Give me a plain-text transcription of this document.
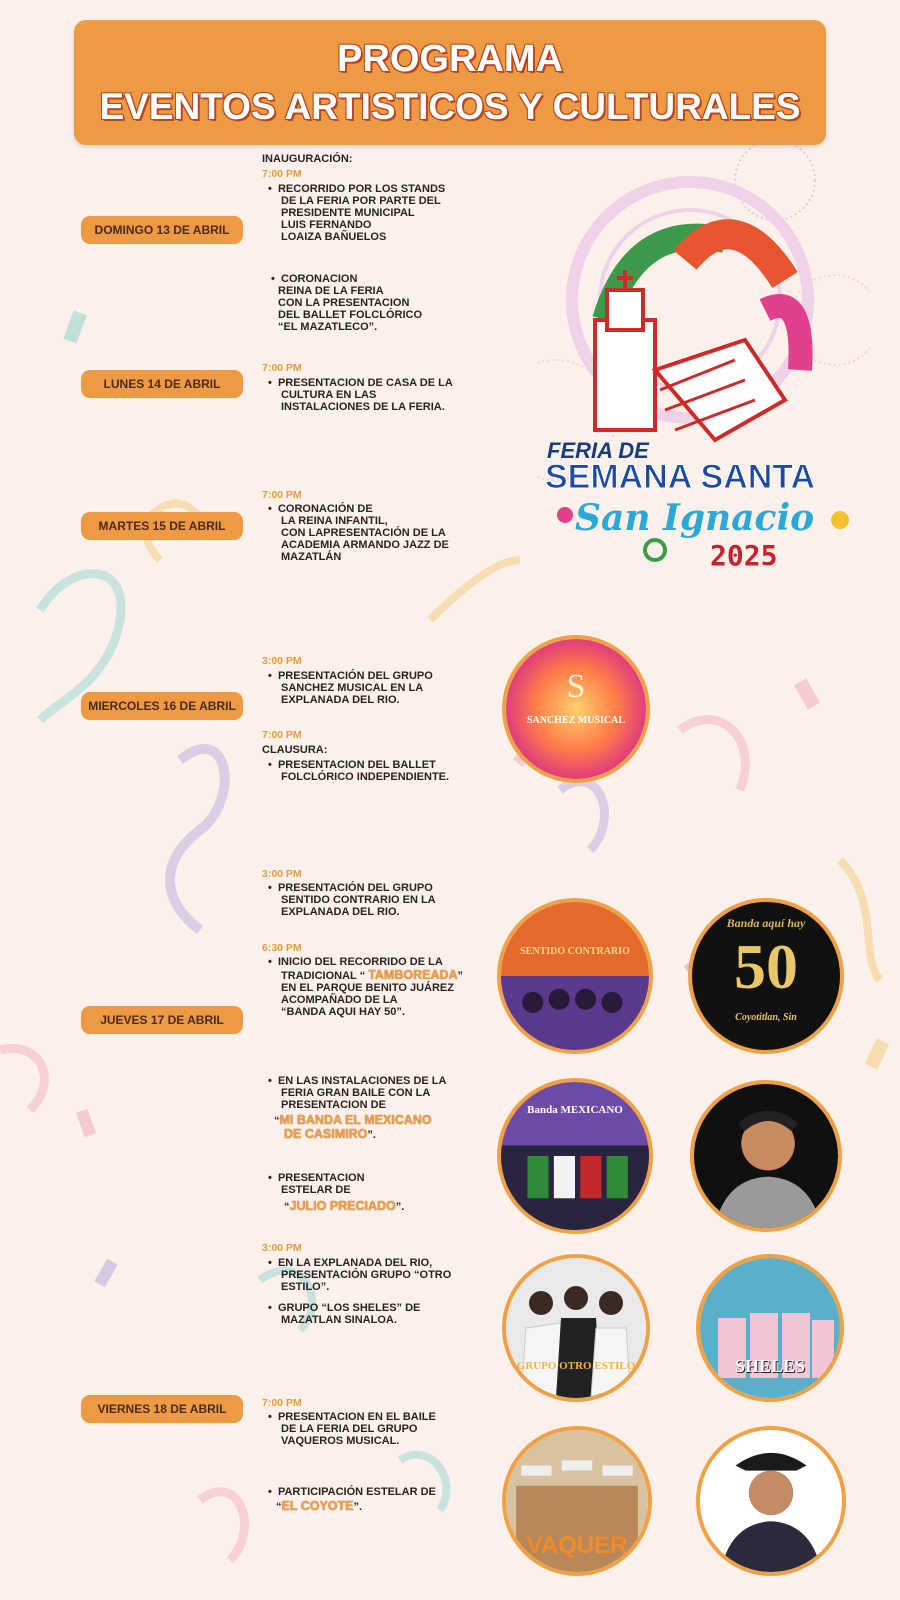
PROGRAMA
EVENTOS ARTISTICOS Y CULTURALES
FERIA DE
SEMANA SANTA
San Ignacio
2025
DOMINGO 13 DE ABRIL
LUNES 14 DE ABRIL
MARTES 15 DE ABRIL
MIERCOLES 16 DE ABRIL
JUEVES 17 DE ABRIL
VIERNES 18 DE ABRIL
INAUGURACIÓN:
7:00 PM
•  RECORRIDO POR LOS STANDS
DE LA FERIA POR PARTE DEL
PRESIDENTE MUNICIPAL
LUIS FERNANDO
LOAIZA BAÑUELOS
•  CORONACION
REINA DE LA FERIA
CON LA PRESENTACION
DEL BALLET FOLCLÓRICO
“EL MAZATLECO”.
7:00 PM
•  PRESENTACION DE CASA DE LA
CULTURA EN LAS
INSTALACIONES DE LA FERIA.
7:00 PM
•  CORONACIÓN DE
LA REINA INFANTIL,
CON LAPRESENTACIÓN DE LA
ACADEMIA ARMANDO JAZZ DE
MAZATLÁN
3:00 PM
•  PRESENTACIÓN DEL GRUPO
SANCHEZ MUSICAL EN LA
EXPLANADA DEL RIO.
7:00 PM
CLAUSURA:
•  PRESENTACION DEL BALLET
FOLCLÓRICO INDEPENDIENTE.
S
SANCHEZ MUSICAL
3:00 PM
•  PRESENTACIÓN DEL GRUPO
SENTIDO CONTRARIO EN LA
EXPLANADA DEL RIO.
6:30 PM
•  INICIO DEL RECORRIDO DE LA
TRADICIONAL “ TAMBOREADA”
EN EL PARQUE BENITO JUÁREZ
ACOMPAÑADO DE LA
“BANDA AQUI HAY 50”.
•  EN LAS INSTALACIONES DE LA
FERIA GRAN BAILE CON LA
PRESENTACION DE
“MI BANDA EL MEXICANO
DE CASIMIRO”.
•  PRESENTACION
ESTELAR DE
“JULIO PRECIADO”.
SENTIDO CONTRARIO
Banda aquí hay
50
Coyotitlan, Sin
Banda MEXICANO
3:00 PM
•  EN LA EXPLANADA DEL RIO,
PRESENTACIÓN GRUPO “OTRO
ESTILO”.
•  GRUPO “LOS SHELES” DE
MAZATLAN SINALOA.
7:00 PM
•  PRESENTACION EN EL BAILE
DE LA FERIA DEL GRUPO
VAQUEROS MUSICAL.
•  PARTICIPACIÓN ESTELAR DE
“EL COYOTE”.
GRUPO OTRO ESTILO	SHELES
VAQUER
